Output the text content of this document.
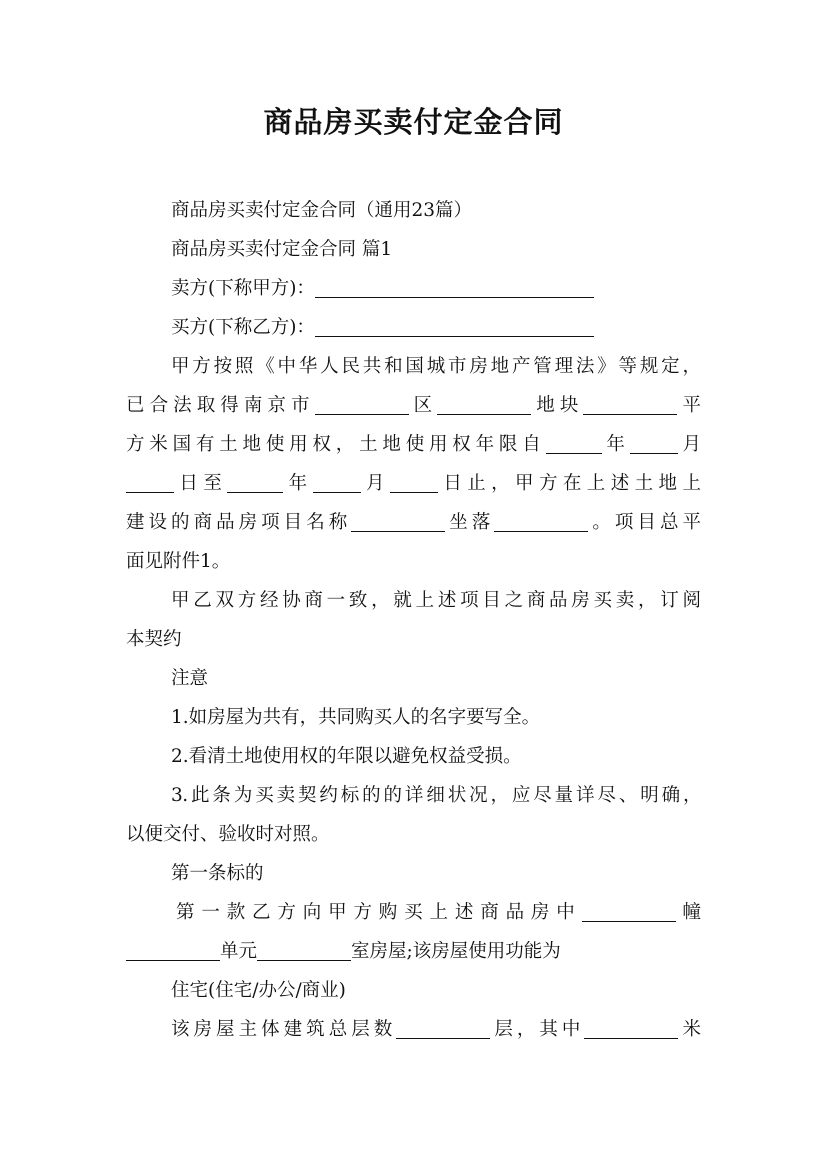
商品房买卖付定金合同
商品房买卖付定金合同（通用23篇）
商品房买卖付定金合同 篇1
卖方(下称甲方)：
买方(下称乙方)：
甲方按照《中华人民共和国城市房地产管理法》等规定，
已合法取得南京市	区	地块	平
方米国有土地使用权，土地使用权年限自	年	月
日至	年	月	日止，甲方在上述土地上
建设的商品房项目名称	坐落	。项目总平
面见附件1。
甲乙双方经协商一致，就上述项目之商品房买卖，订阅
本契约
注意
1.如房屋为共有，共同购买人的名字要写全。
2.看清土地使用权的年限以避免权益受损。
3.此条为买卖契约标的的详细状况，应尽量详尽、明确，
以便交付、验收时对照。
第一条标的
第一款乙方向甲方购买上述商品房中	幢
单元	室房屋;该房屋使用功能为
住宅(住宅/办公/商业)
该房屋主体建筑总层数	层，其中	米
